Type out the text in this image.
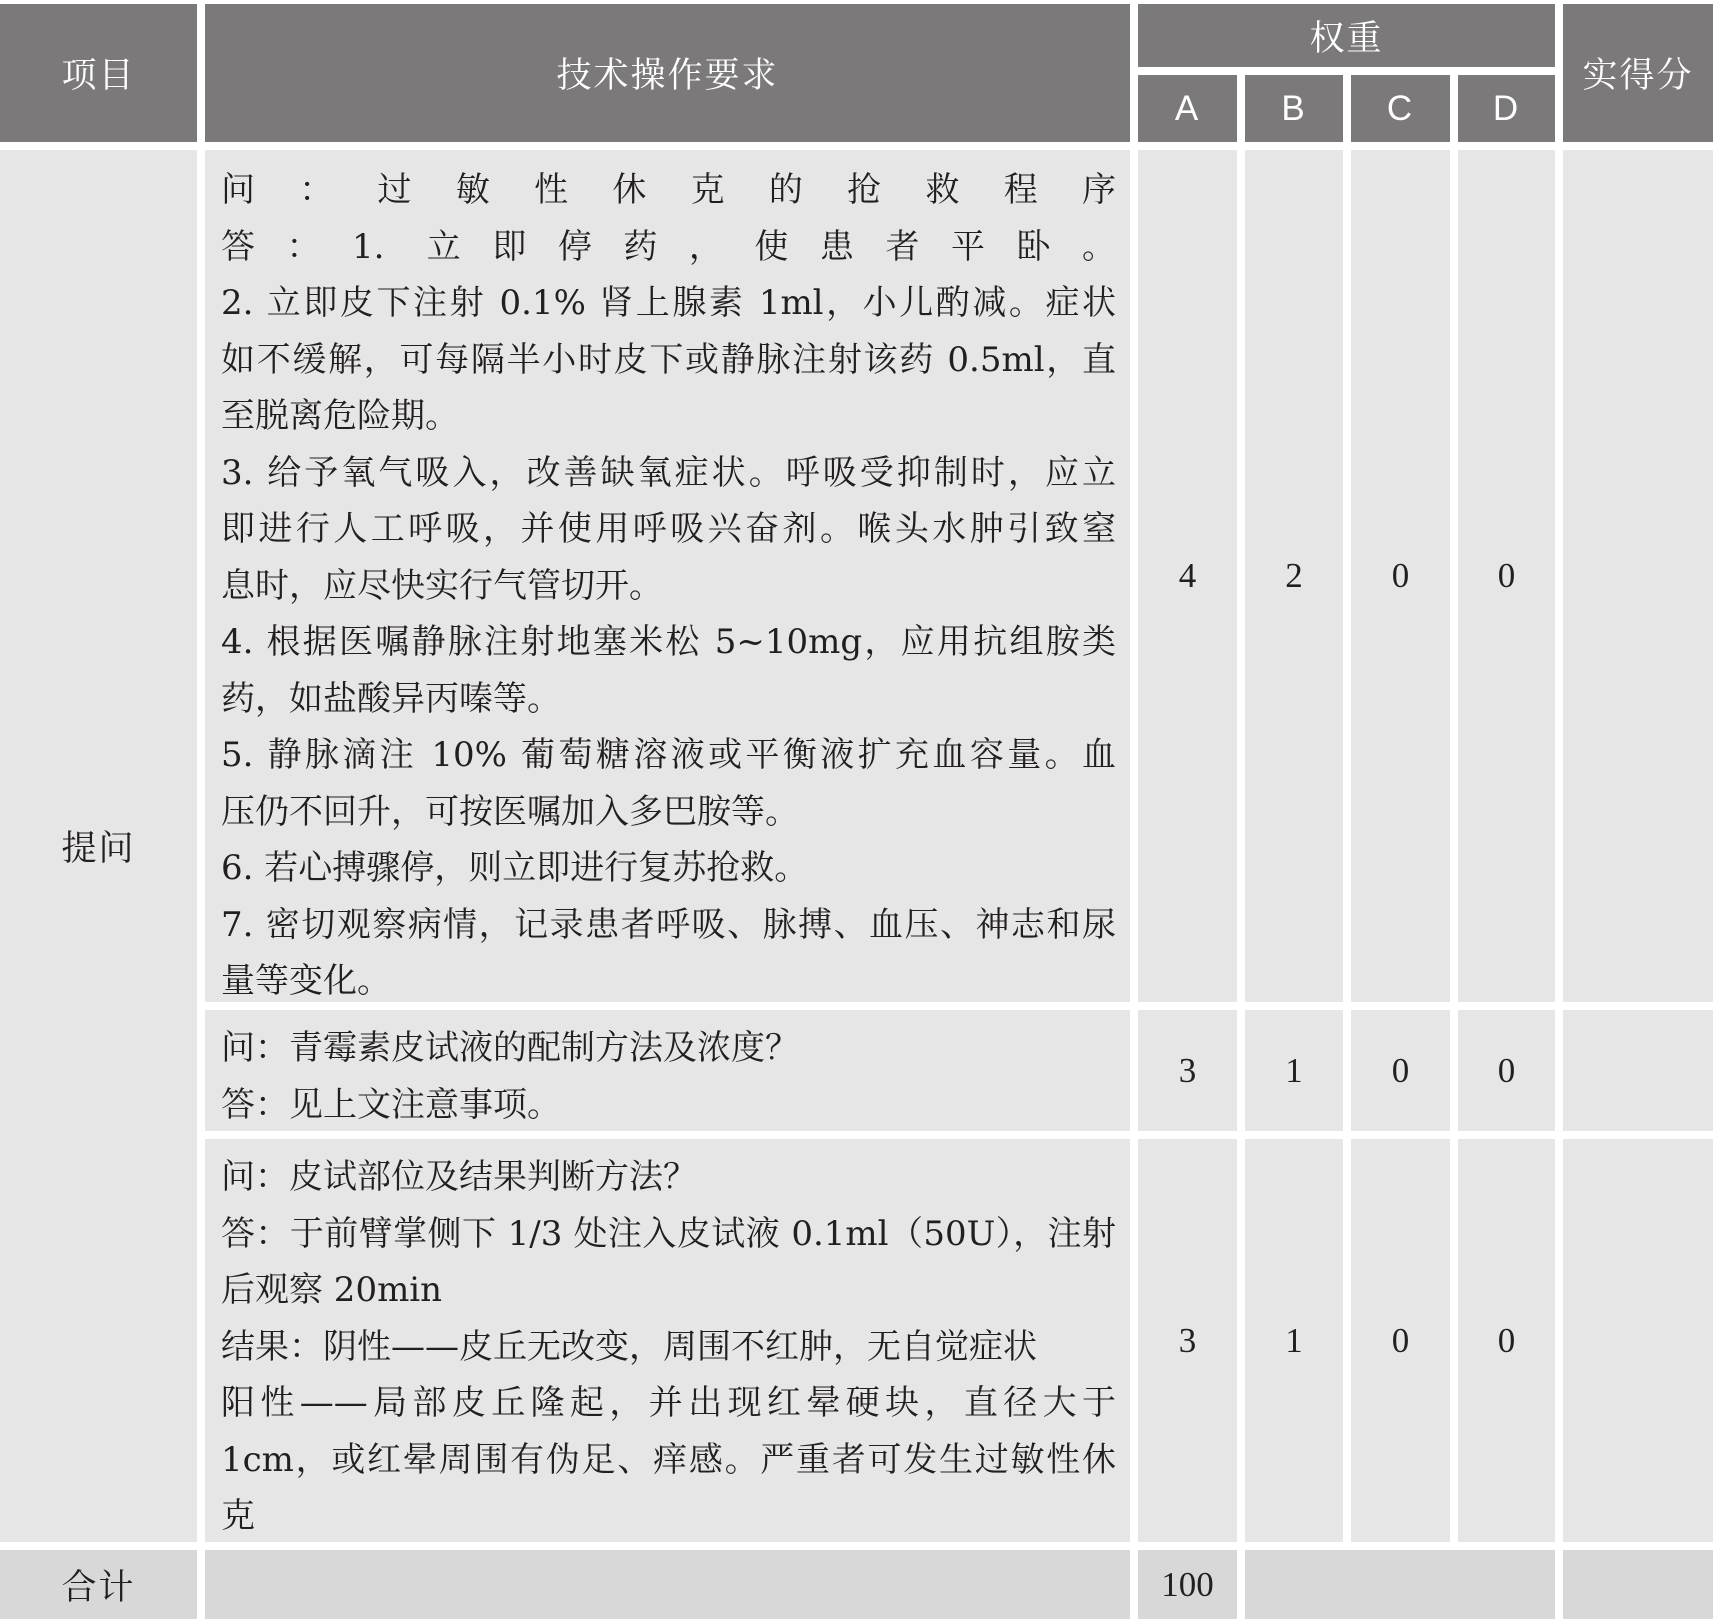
项目	技术操作要求
权重
A	B	C	D
实得分
提问
问：过敏性休克的抢救程序
答：1. 立即停药，使患者平卧。
2. 立即皮下注射 0.1% 肾上腺素 1ml，小儿酌减。症状
如不缓解，可每隔半小时皮下或静脉注射该药 0.5ml，直
至脱离危险期。
3. 给予氧气吸入，改善缺氧症状。呼吸受抑制时，应立
即进行人工呼吸，并使用呼吸兴奋剂。喉头水肿引致窒
息时，应尽快实行气管切开。
4. 根据医嘱静脉注射地塞米松 5~10mg，应用抗组胺类
药，如盐酸异丙嗪等。
5. 静脉滴注 10% 葡萄糖溶液或平衡液扩充血容量。血
压仍不回升，可按医嘱加入多巴胺等。
6. 若心搏骤停，则立即进行复苏抢救。
7. 密切观察病情，记录患者呼吸、脉搏、血压、神志和尿
量等变化。
4	2	0	0
问：青霉素皮试液的配制方法及浓度？
答：见上文注意事项。
3	1	0	0
问：皮试部位及结果判断方法？
答：于前臂掌侧下 1/3 处注入皮试液 0.1ml（50U），注射
后观察 20min
结果：阴性——皮丘无改变，周围不红肿，无自觉症状
阳性——局部皮丘隆起，并出现红晕硬块，直径大于
1cm，或红晕周围有伪足、痒感。严重者可发生过敏性休
克
3	1	0	0
合计	100
